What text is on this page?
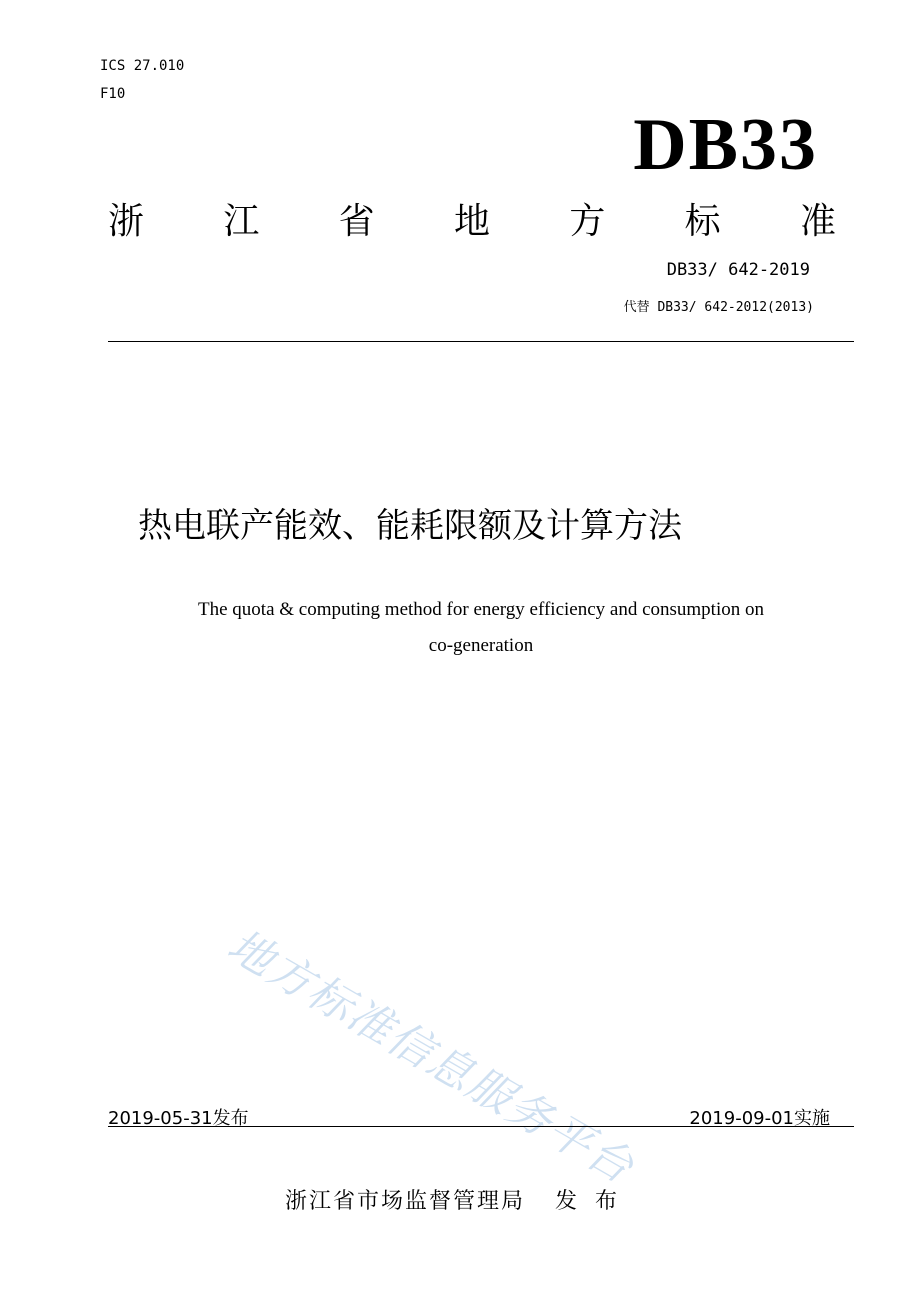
ICS 27.010
F10
DB33
浙 江 省 地 方 标 准
DB33/ 642-2019
代替 DB33/ 642-2012(2013)
热电联产能效、能耗限额及计算方法
The quota & computing method for energy efficiency and consumption on
co-generation
地方标准信息服务平台
2019-05-31发布	2019-09-01实施
浙江省市场监督管理局 发布
